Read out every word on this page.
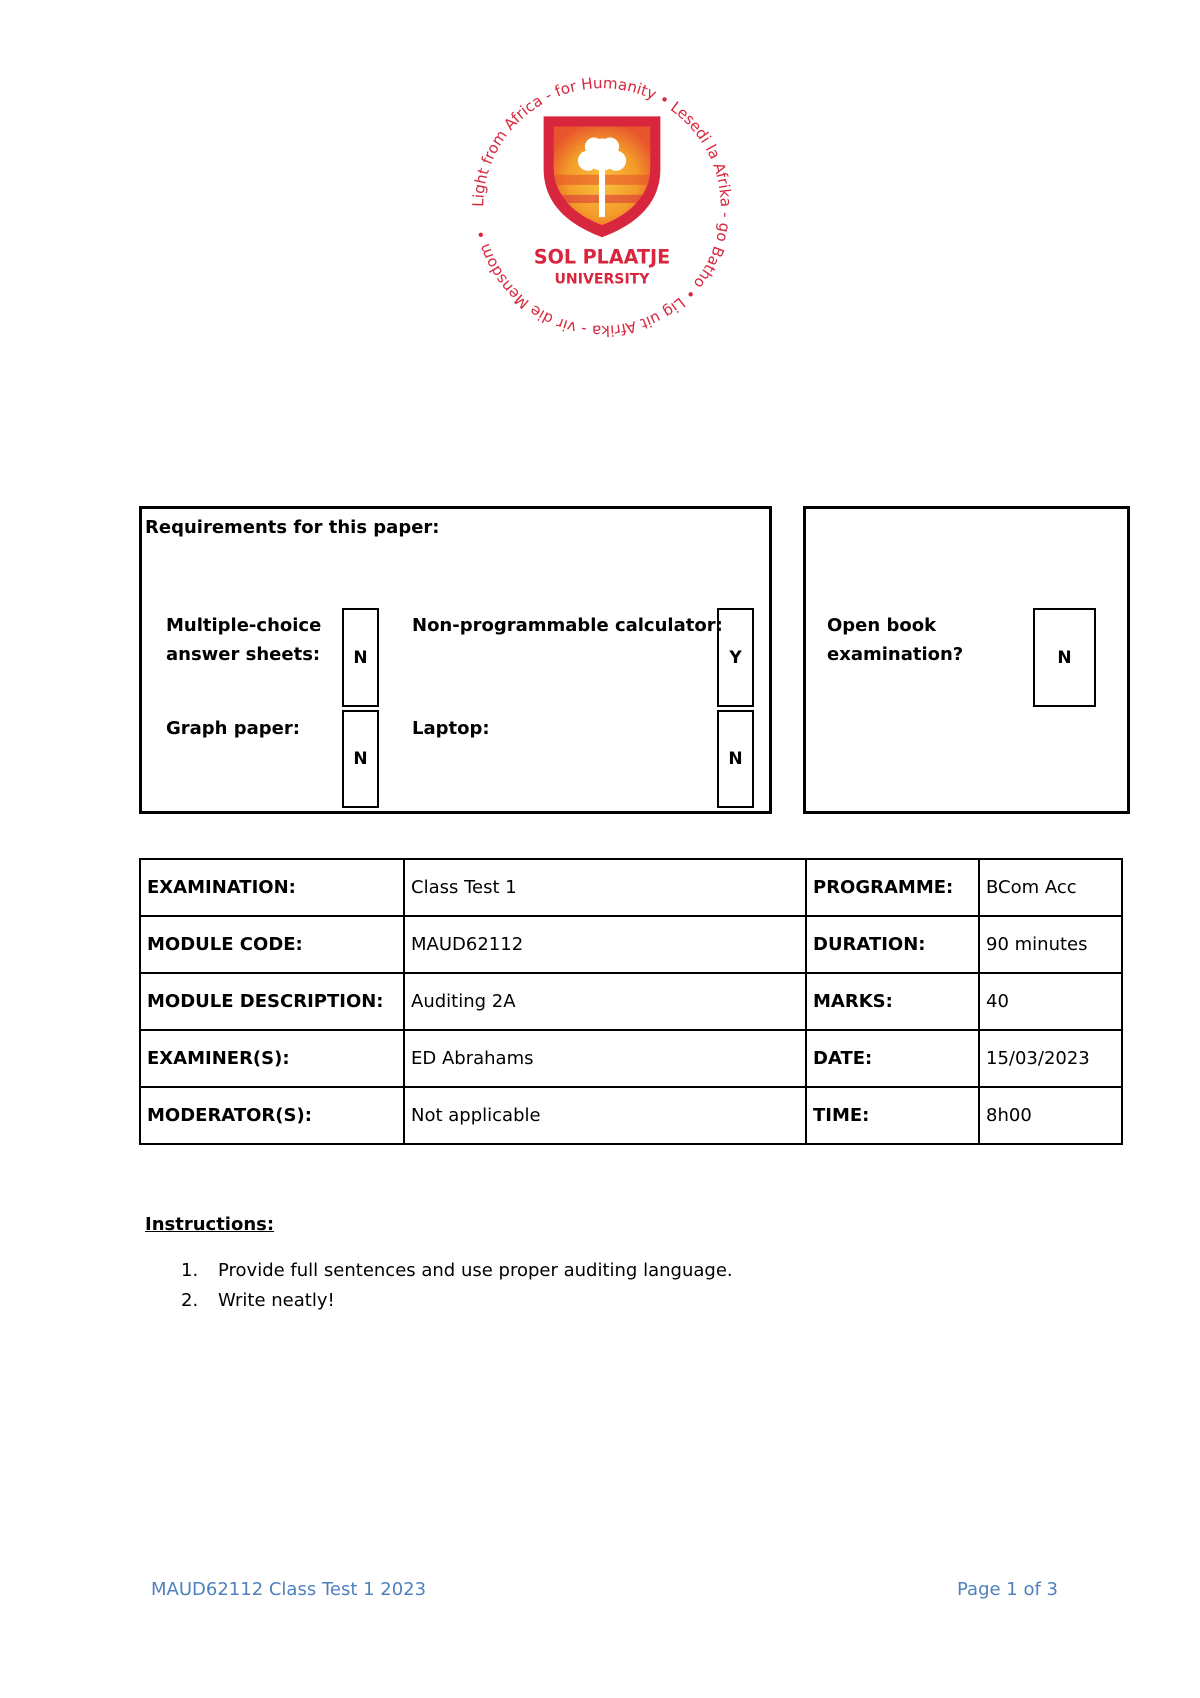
Light from Africa - for Humanity • Lesedi la Afrika - go Batho • Lig uit Afrika - vir die Mensdom •
SOL PLAATJE
UNIVERSITY
Requirements for this paper:
Multiple-choice
answer sheets:	N
Non-programmable calculator:
Y
Graph paper:
N
Laptop:
N
Open book
examination?	N
EXAMINATION:	Class Test 1	PROGRAMME:	BCom Acc
MODULE CODE:	MAUD62112	DURATION:	90 minutes
MODULE DESCRIPTION:	Auditing 2A	MARKS:	40
EXAMINER(S):	ED Abrahams	DATE:	15/03/2023
MODERATOR(S):	Not applicable	TIME:	8h00
Instructions:
1. Provide full sentences and use proper auditing language.
2. Write neatly!
MAUD62112 Class Test 1 2023	Page 1 of 3
